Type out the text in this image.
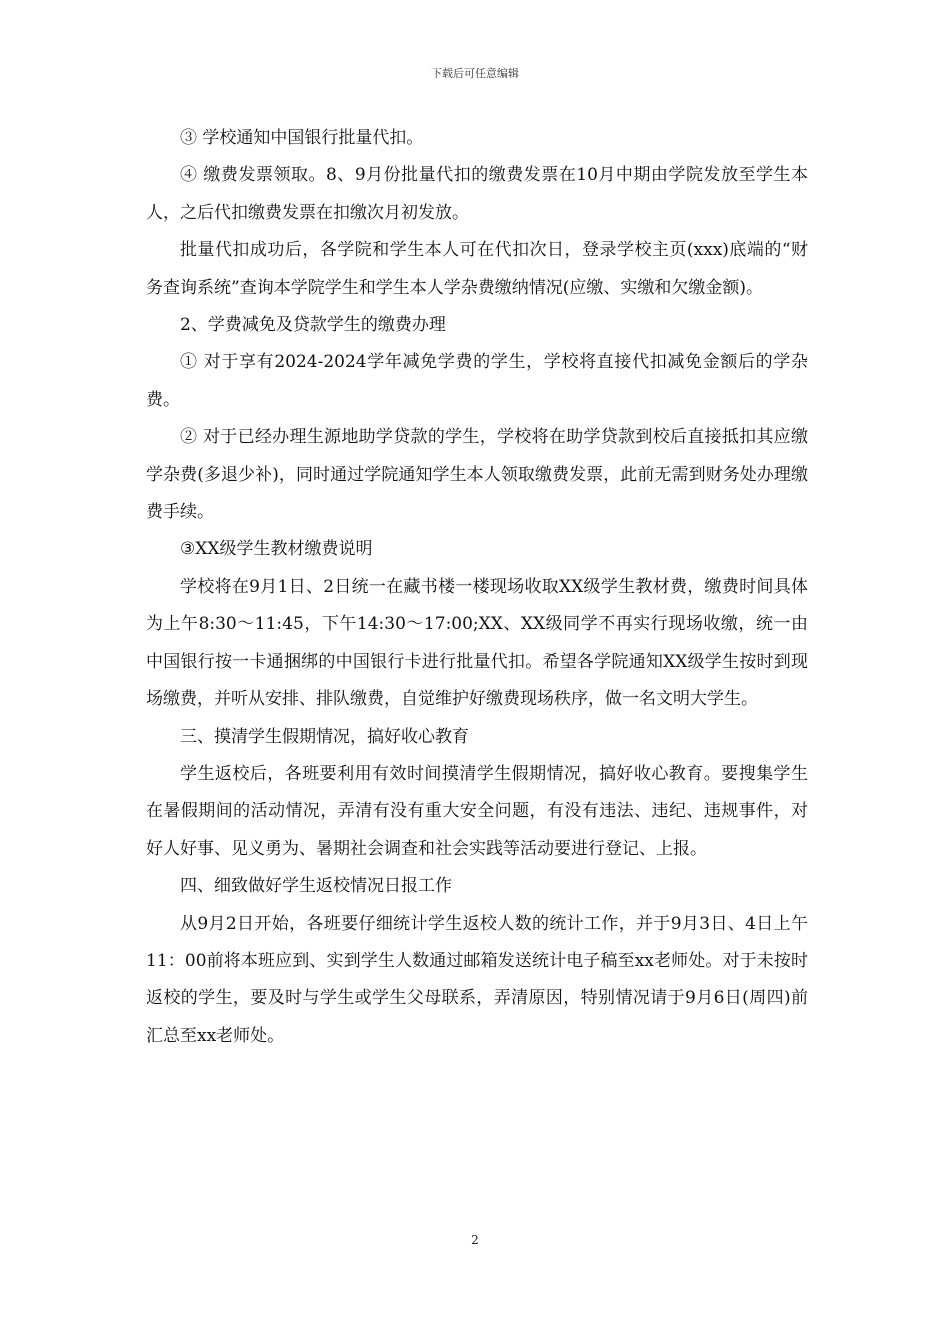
下载后可任意编辑

③ 学校通知中国银行批量代扣。

④ 缴费发票领取。8、9月份批量代扣的缴费发票在10月中期由学院发放至学生本人，之后代扣缴费发票在扣缴次月初发放。

批量代扣成功后，各学院和学生本人可在代扣次日，登录学校主页(xxx)底端的“财务查询系统”查询本学院学生和学生本人学杂费缴纳情况(应缴、实缴和欠缴金额)。

2、学费减免及贷款学生的缴费办理

① 对于享有2024-2024学年减免学费的学生，学校将直接代扣减免金额后的学杂费。

② 对于已经办理生源地助学贷款的学生，学校将在助学贷款到校后直接抵扣其应缴学杂费(多退少补)，同时通过学院通知学生本人领取缴费发票，此前无需到财务处办理缴费手续。

③XX级学生教材缴费说明

学校将在9月1日、2日统一在藏书楼一楼现场收取XX级学生教材费，缴费时间具体为上午8:30～11:45，下午14:30～17:00;XX、XX级同学不再实行现场收缴，统一由中国银行按一卡通捆绑的中国银行卡进行批量代扣。希望各学院通知XX级学生按时到现场缴费，并听从安排、排队缴费，自觉维护好缴费现场秩序，做一名文明大学生。

三、摸清学生假期情况，搞好收心教育

学生返校后，各班要利用有效时间摸清学生假期情况，搞好收心教育。要搜集学生在暑假期间的活动情况，弄清有没有重大安全问题，有没有违法、违纪、违规事件，对好人好事、见义勇为、暑期社会调查和社会实践等活动要进行登记、上报。

四、细致做好学生返校情况日报工作

从9月2日开始，各班要仔细统计学生返校人数的统计工作，并于9月3日、4日上午11：00前将本班应到、实到学生人数通过邮箱发送统计电子稿至xx老师处。对于未按时返校的学生，要及时与学生或学生父母联系，弄清原因，特别情况请于9月6日(周四)前汇总至xx老师处。

2
